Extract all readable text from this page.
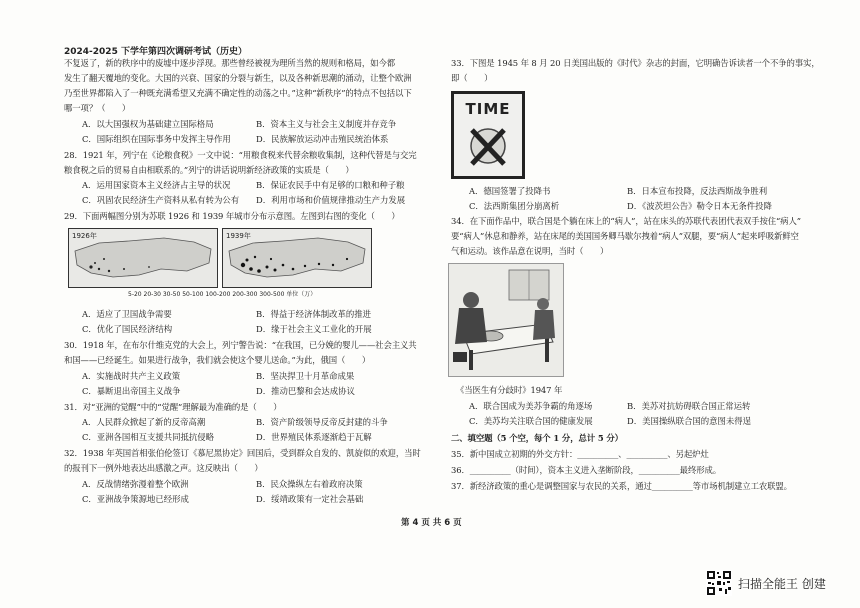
2024-2025 下学年第四次调研考试（历史）
不复返了，新的秩序中的废墟中逐步浮现。那些曾经被视为理所当然的规则和格局，如今都
发生了翻天覆地的变化。大国的兴衰、国家的分裂与新生，以及各种新思潮的涌动，让整个欧洲
乃至世界都陷入了一种既充满希望又充满不确定性的动荡之中。”这种“新秩序”的特点不包括以下
哪一项？（　　）
A．以大国强权为基础建立国际格局	B．资本主义与社会主义制度并存竞争
C．国际组织在国际事务中发挥主导作用	D．民族解放运动冲击殖民统治体系
28．1921 年，列宁在《论粮食税》一文中说：“用粮食税来代替余粮收集制，这种代替是与交完
粮食税之后的贸易自由相联系的。”列宁的讲话说明新经济政策的实质是（　　）
A．运用国家资本主义经济占主导的状况	B．保证农民手中有足够的口粮和种子粮
C．巩固农民经济生产资料从私有转为公有 D．利用市场和价值规律推动生产力发展
29．下面两幅图分别为苏联 1926 和 1939 年城市分布示意图。左图到右图的变化（　　）
1926年	1939年
5-20 20-30 30-50 50-100 100-200 200-300 300-500 单位（万）
A．适应了卫国战争需要	B．得益于经济体制改革的推进
C．优化了国民经济结构	D．缘于社会主义工业化的开展
30．1918 年，在布尔什维克党的大会上，列宁警告说：“在我国，已分娩的婴儿——社会主义共
和国——已经诞生。如果进行战争，我们就会使这个婴儿送命。”为此，俄国（　　）
A．实施战时共产主义政策	B．坚决捍卫十月革命成果
C．暴断退出帝国主义战争	D．推动巴黎和会达成协议
31．对“亚洲的觉醒”中的“觉醒”理解最为准确的是（　　）
A．人民群众掀起了新的反帝高潮	B．资产阶级领导反帝反封建的斗争
C．亚洲各国相互支援共同抵抗侵略	D．世界殖民体系逐渐趋于瓦解
32．1938 年英国首相张伯伦签订《慕尼黑协定》回国后，受到群众自发的、凯旋似的欢迎，当时
的报刊下一例外地表达出感激之声。这反映出（　　）
A．反战情绪弥漫着整个欧洲	B．民众操纵左右着政府决策
C．亚洲战争策源地已经形成	D．绥靖政策有一定社会基础
33．下图是 1945 年 8 月 20 日美国出版的《时代》杂志的封面，它明确告诉读者一个不争的事实，
即（　　）
TIME
A．德国签署了投降书	B．日本宣布投降，反法西斯战争胜利
C．法西斯集团分崩离析	D．《波茨坦公告》勒令日本无条件投降
34．在下面作品中，联合国是个躺在床上的“病人”，站在床头的苏联代表团代表双手按住“病人”
要“病人”休息和静养，站在床尾的美国国务卿马歇尔拽着“病人”双腿，要“病人”起来呼吸新鲜空
气和运动。该作品意在说明，当时（　　）
《当医生有分歧时》1947 年
A．联合国成为美苏争霸的角逐场	B．美苏对抗妨碍联合国正常运转
C．美苏均关注联合国的健康发展	D．美国操纵联合国的意图未得逞
二、填空题（5 个空，每个 1 分，总计 5 分）
35．新中国成立初期的外交方针：__________、__________、另起炉灶
36．__________（时间），资本主义进入垄断阶段，__________最终形成。
37．新经济政策的重心是调整国家与农民的关系，通过__________等市场机制建立工农联盟。
第 4 页 共 6 页
扫描全能王 创建
